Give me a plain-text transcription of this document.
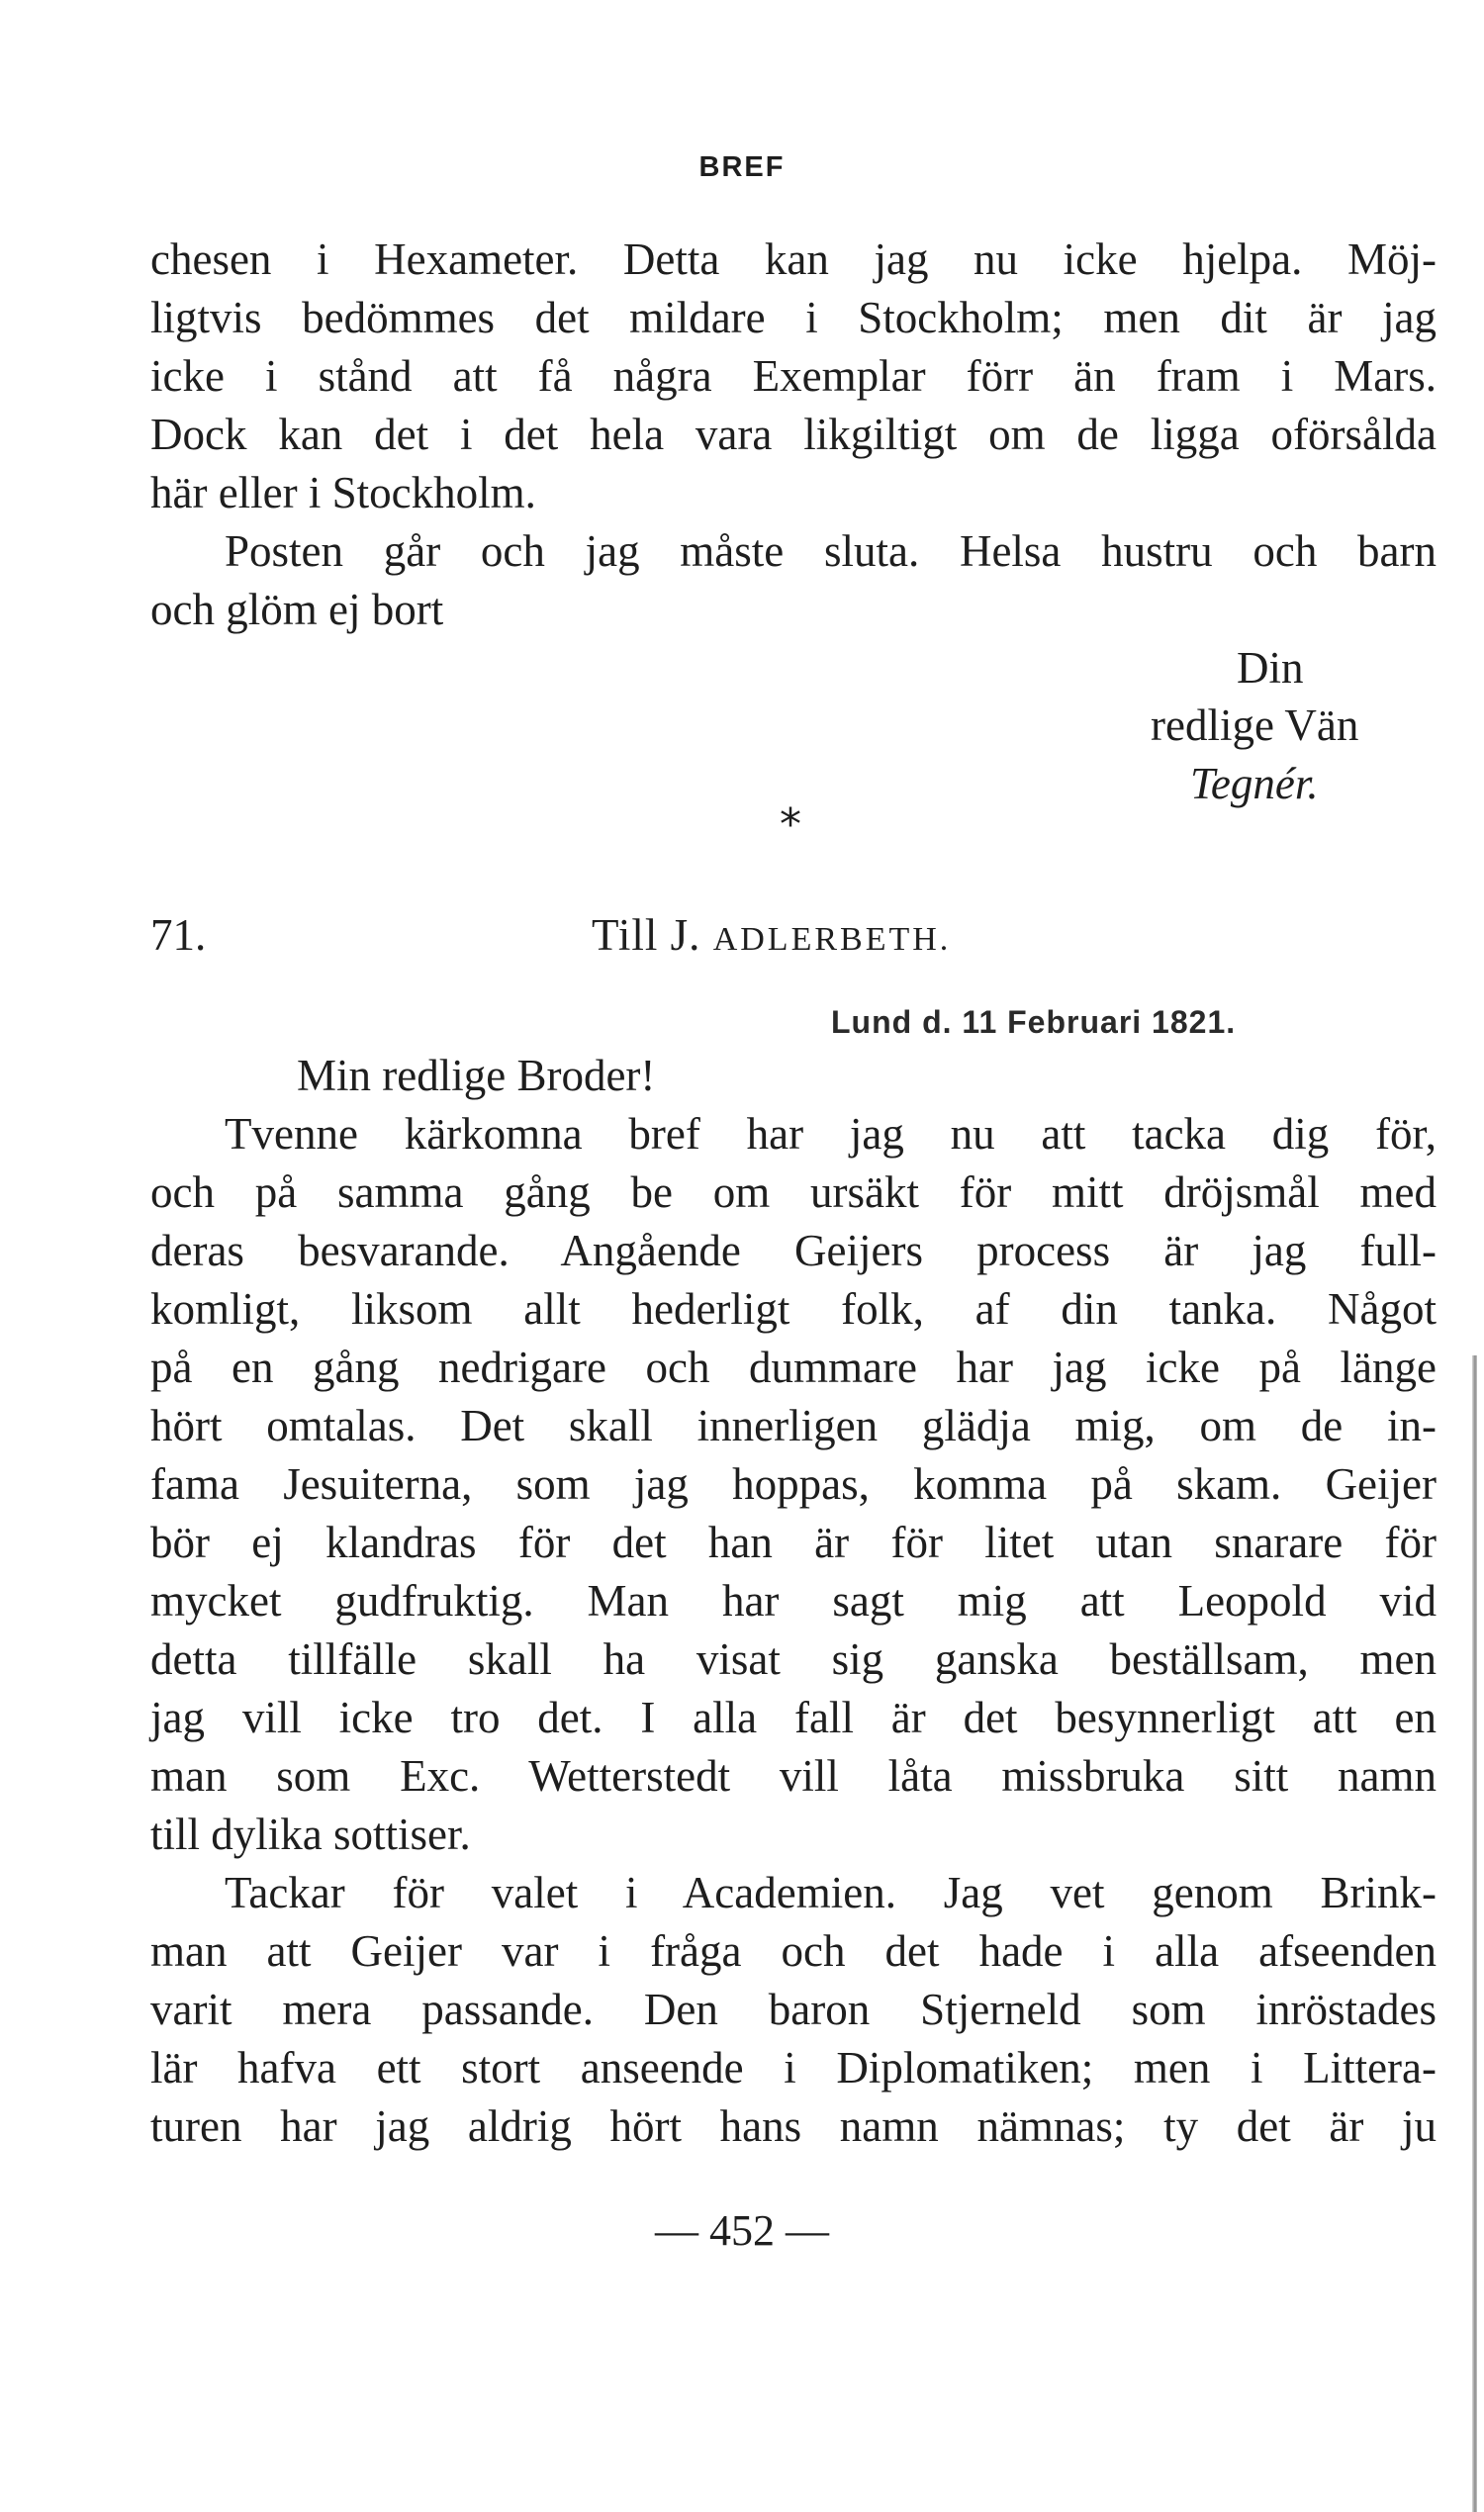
BREF
chesen i Hexameter. Detta kan jag nu icke hjelpa. Möj-
ligtvis bedömmes det mildare i Stockholm; men dit är jag
icke i stånd att få några Exemplar förr än fram i Mars.
Dock kan det i det hela vara likgiltigt om de ligga oförsålda
här eller i Stockholm.
Posten går och jag måste sluta. Helsa hustru och barn
och glöm ej bort
Din
redlige Vän
Tegnér.
*
71.	Till J. ADLERBETH.
Lund d. 11 Februari 1821.
Min redlige Broder!
Tvenne kärkomna bref har jag nu att tacka dig för,
och på samma gång be om ursäkt för mitt dröjsmål med
deras besvarande. Angående Geijers process är jag full-
komligt, liksom allt hederligt folk, af din tanka. Något
på en gång nedrigare och dummare har jag icke på länge
hört omtalas. Det skall innerligen glädja mig, om de in-
fama Jesuiterna, som jag hoppas, komma på skam. Geijer
bör ej klandras för det han är för litet utan snarare för
mycket gudfruktig. Man har sagt mig att Leopold vid
detta tillfälle skall ha visat sig ganska beställsam, men
jag vill icke tro det. I alla fall är det besynnerligt att en
man som Exc. Wetterstedt vill låta missbruka sitt namn
till dylika sottiser.
Tackar för valet i Academien. Jag vet genom Brink-
man att Geijer var i fråga och det hade i alla afseenden
varit mera passande. Den baron Stjerneld som inröstades
lär hafva ett stort anseende i Diplomatiken; men i Littera-
turen har jag aldrig hört hans namn nämnas; ty det är ju
— 452 —
